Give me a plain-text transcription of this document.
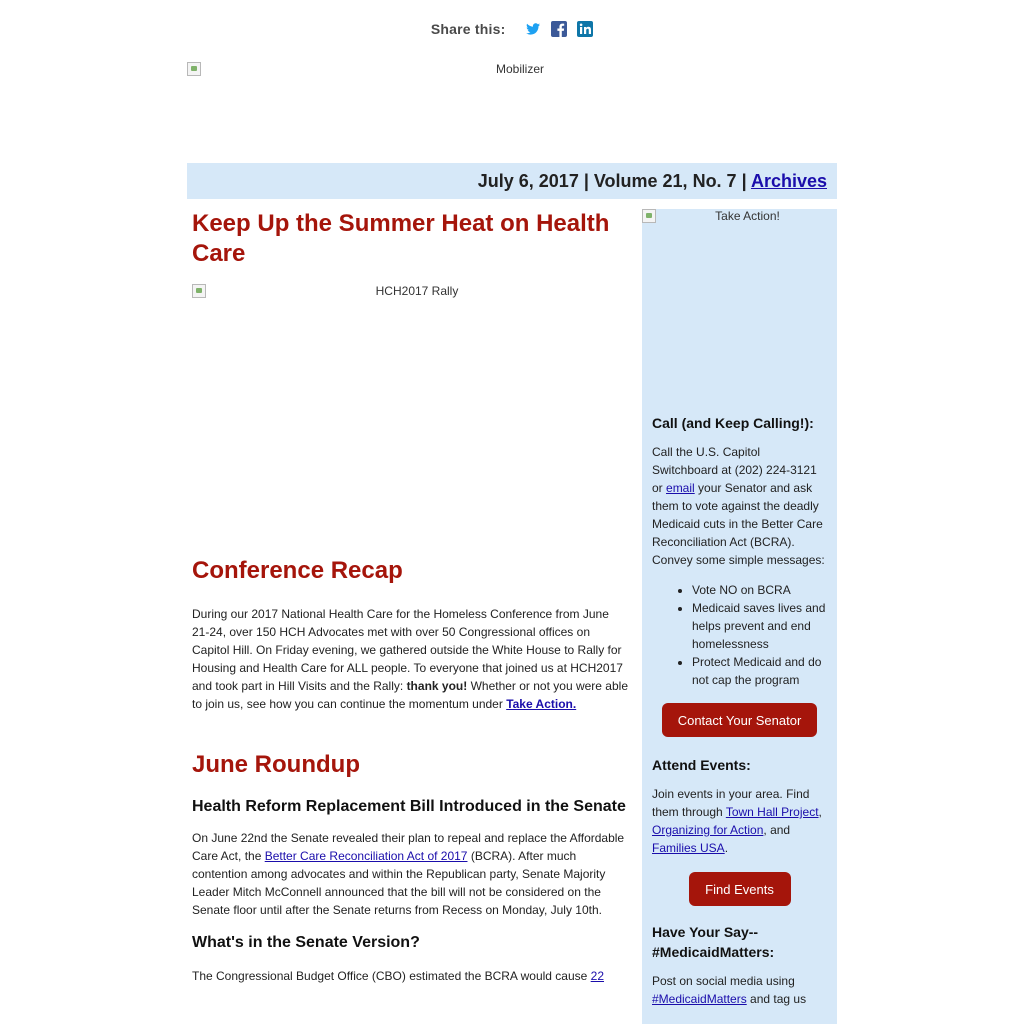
Share this:
Mobilizer
July 6, 2017 | Volume 21, No. 7 | Archives
Keep Up the Summer Heat on Health Care
HCH2017 Rally
Conference Recap

During our 2017 National Health Care for the Homeless Conference from June 21-24, over 150 HCH Advocates met with over 50 Congressional offices on Capitol Hill. On Friday evening, we gathered outside the White House to Rally for Housing and Health Care for ALL people. To everyone that joined us at HCH2017 and took part in Hill Visits and the Rally: thank you! Whether or not you were able to join us, see how you can continue the momentum under Take Action.

June Roundup
Health Reform Replacement Bill Introduced in the Senate

On June 22nd the Senate revealed their plan to repeal and replace the Affordable Care Act, the Better Care Reconciliation Act of 2017 (BCRA). After much contention among advocates and within the Republican party, Senate Majority Leader Mitch McConnell announced that the bill will not be considered on the Senate floor until after the Senate returns from Recess on Monday, July 10th.

What's in the Senate Version?

The Congressional Budget Office (CBO) estimated the BCRA would cause 22

Take Action!
Call (and Keep Calling!):

Call the U.S. Capitol Switchboard at (202) 224-3121 or email your Senator and ask them to vote against the deadly Medicaid cuts in the Better Care Reconciliation Act (BCRA). Convey some simple messages:

• Vote NO on BCRA
• Medicaid saves lives and helps prevent and end homelessness
• Protect Medicaid and do not cap the program
Contact Your Senator
Attend Events:

Join events in your area. Find them through Town Hall Project, Organizing for Action, and Families USA.

Find Events
Have Your Say--
#MedicaidMatters:

Post on social media using #MedicaidMatters and tag us
